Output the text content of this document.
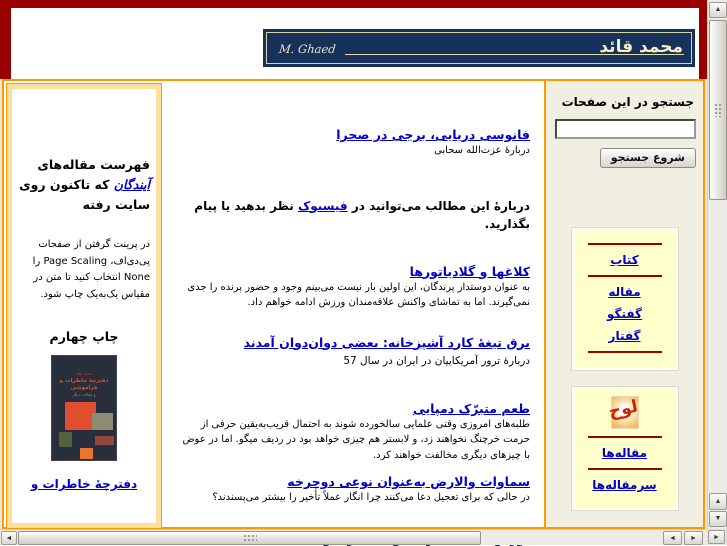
محمد قائد
M. Ghaed
فهرست مقاله‌های آیندگان که تاکنون روی سایت رفته
در پرینت گرفتن از صفحات پی‌دی‌اف، Page Scaling را None انتخاب کنید تا متن در مقیاس یک‌به‌یک چاپ شود.
چاپ چهارم
محمد قائد
دفترچهٔ خاطرات و فراموشی
و مقالات دیگر
دفترچهٔ خاطرات و
فانوسی دریایی، برجی در صحرا
دربارهٔ عزت‌الله سحابی
دربارهٔ این مطالب می‌توانید در فیسبوک نظر بدهید یا پیام بگذارید.
کلاغها و گلادیاتورها
به عنوان دوستدار پرندگان، این اولین بار نیست می‌بینم وجود و حضور پرنده را جدی نمی‌گیرند. اما به تماشای واکنش علاقه‌مندان ورزش ادامه خواهم داد.
برق تیغهٔ کارد آشپزخانه: بعضی دوان‌دوان آمدند
دربارهٔ ترور آمریکاییان در ایران در سال 57
طعم متبرّک دمپایی
طلبه‌های امروزی وقتی علمایی سالخورده شوند به احتمال قریب‌به‌یقین حرفی از حرمت خرچنگ نخواهند زد، و لابستر هم چیزی خواهد بود در ردیف میگو. اما در عوض با چیزهای دیگری مخالفت خواهند کرد.
سماوات والارض به‌عنوان نوعی دوچرخه
در حالی که برای تعجیل دعا می‌کنند چرا انگار عملاً تأخیر را بیشتر می‌پسندند؟
جستجو در این صفحات
شروع جستجو
کتاب
مقاله
گفتگو
گفتار
لوح
مقاله‌ها
سرمقاله‌ها
▲
▲
▼
◄	◄	►	►
